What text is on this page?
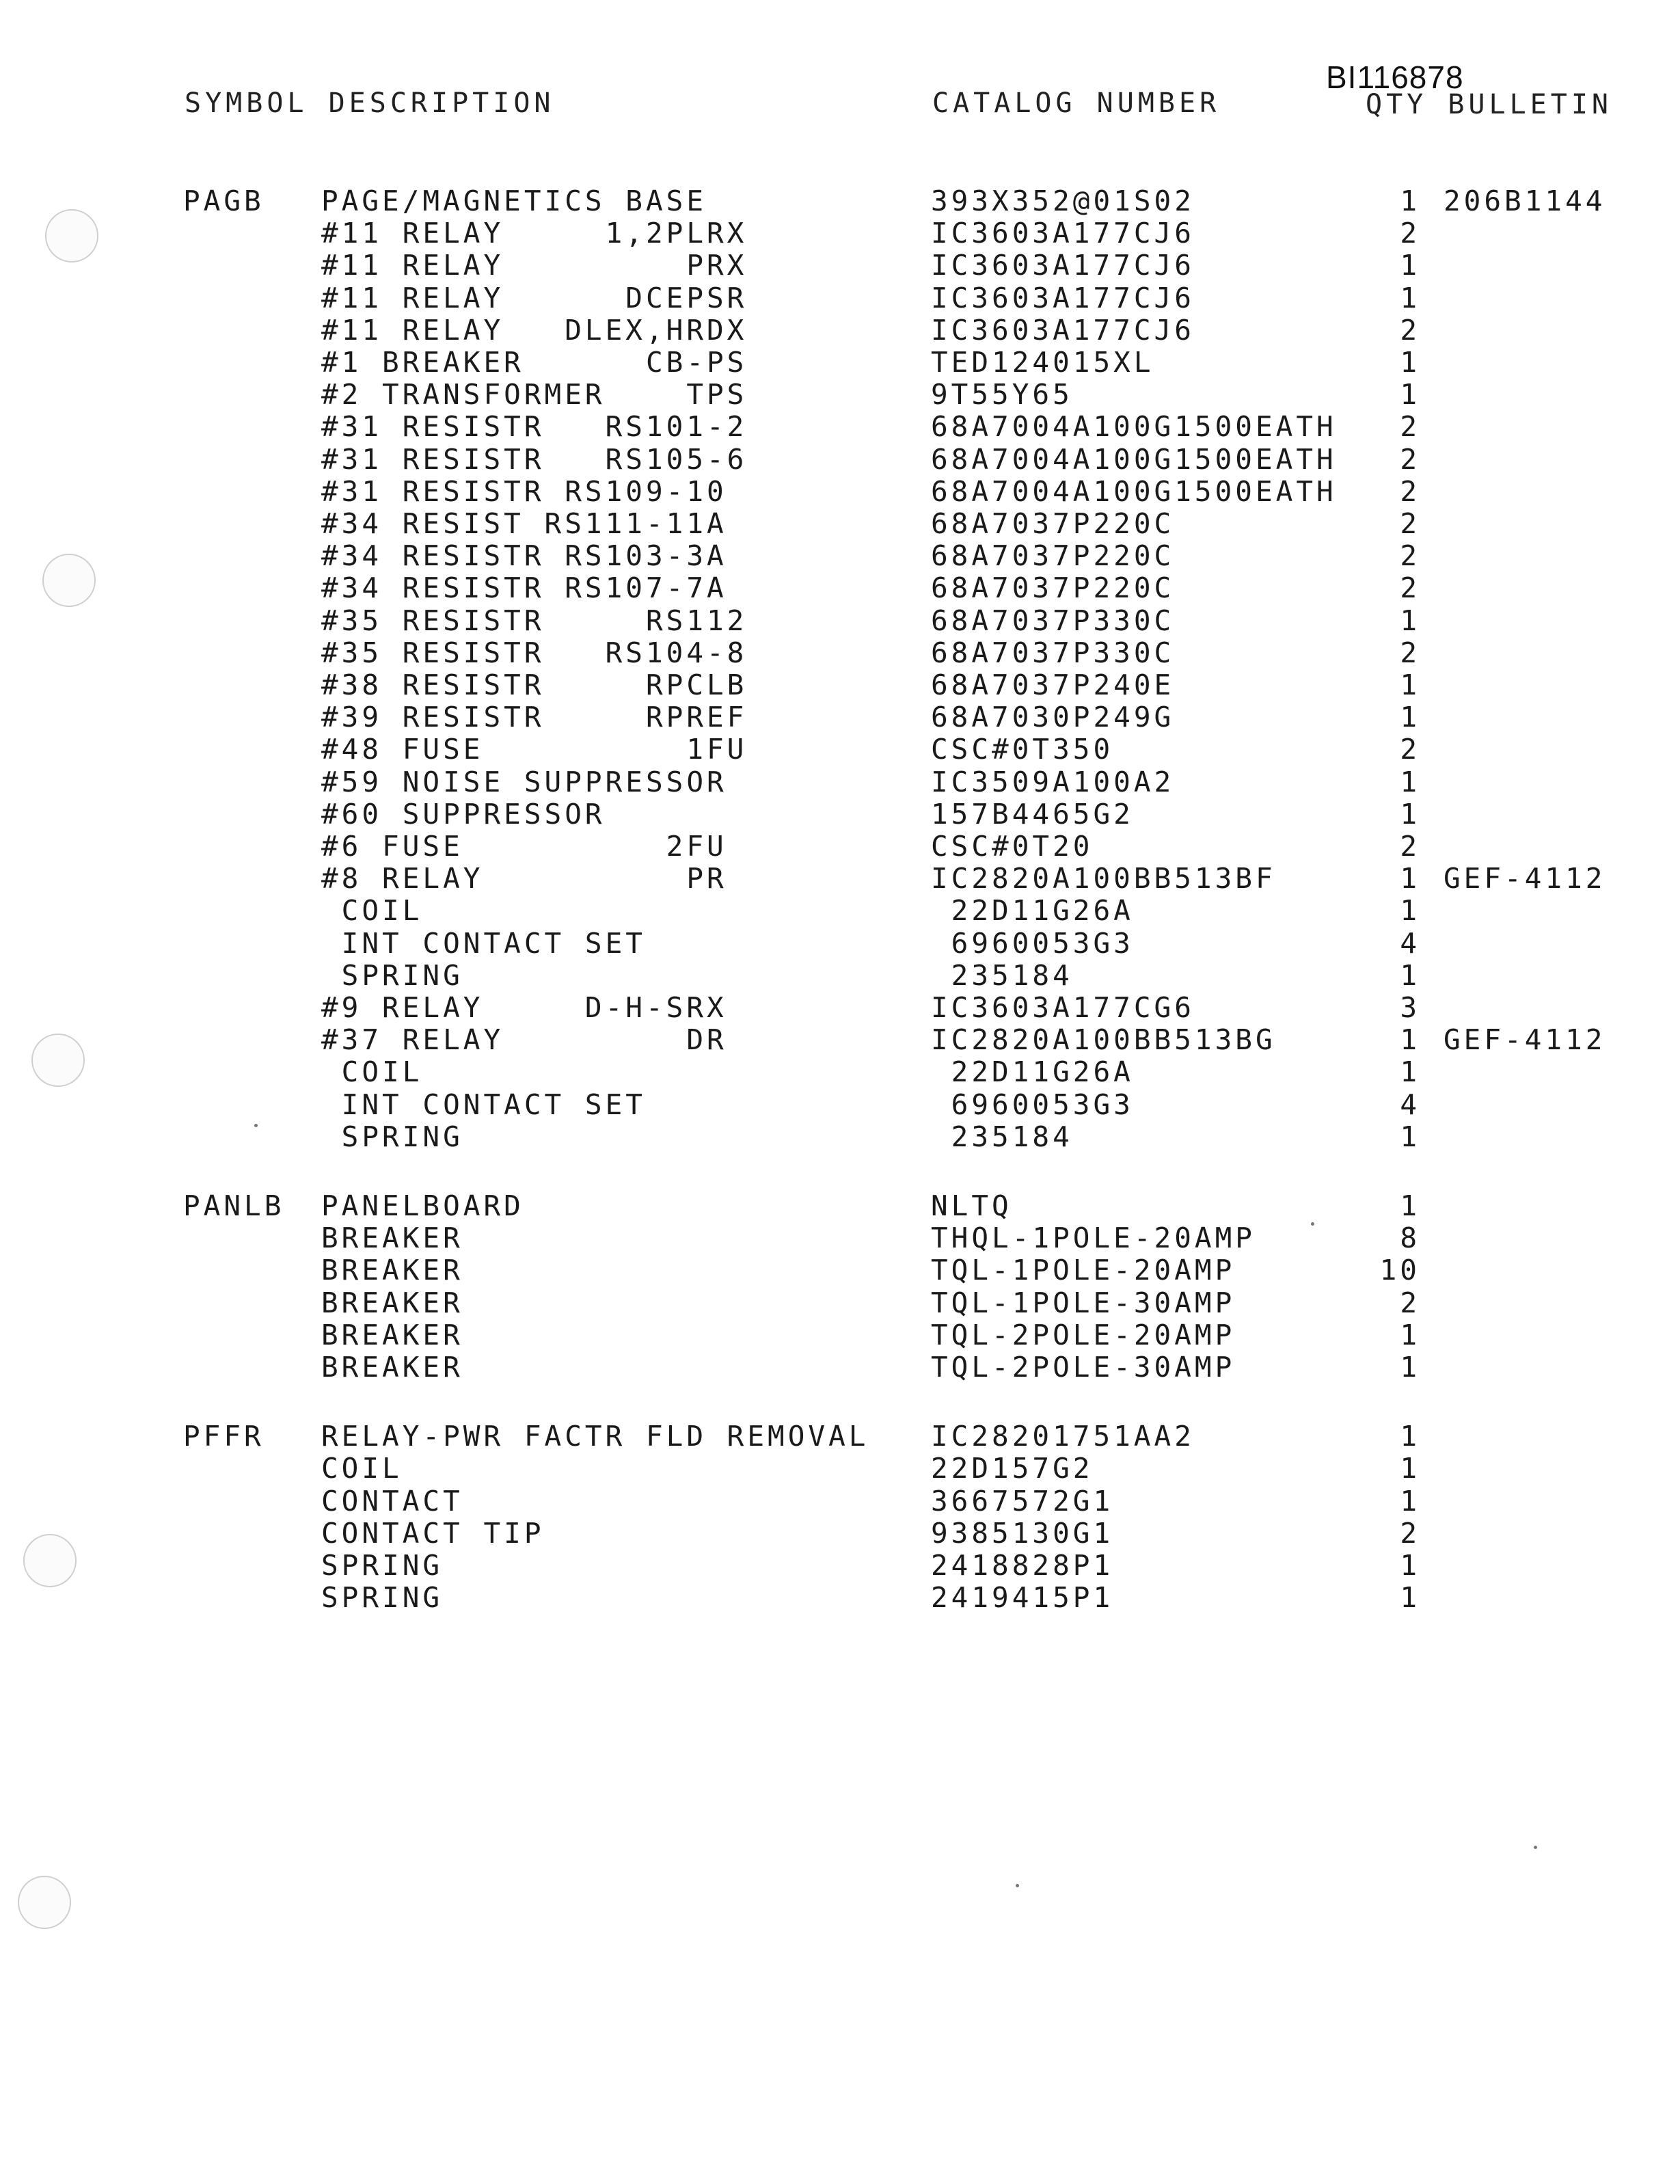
BI116878
SYMBOL DESCRIPTION	CATALOG NUMBER	QTY BULLETIN
PAGB PAGE/MAGNETICS BASE	393X352@01S02	1 206B1144
#11 RELAY     1,2PLRX	IC3603A177CJ6	2
#11 RELAY         PRX	IC3603A177CJ6	1
#11 RELAY      DCEPSR	IC3603A177CJ6	1
#11 RELAY   DLEX,HRDX	IC3603A177CJ6	2
#1 BREAKER      CB-PS	TED124015XL	1
#2 TRANSFORMER    TPS	9T55Y65	1
#31 RESISTR   RS101-2	68A7004A100G1500EATH 2
#31 RESISTR   RS105-6	68A7004A100G1500EATH 2
#31 RESISTR RS109-10	68A7004A100G1500EATH 2
#34 RESIST RS111-11A	68A7037P220C	2
#34 RESISTR RS103-3A	68A7037P220C	2
#34 RESISTR RS107-7A	68A7037P220C	2
#35 RESISTR     RS112	68A7037P330C	1
#35 RESISTR   RS104-8	68A7037P330C	2
#38 RESISTR     RPCLB	68A7037P240E	1
#39 RESISTR     RPREF	68A7030P249G	1
#48 FUSE          1FU	CSC#0T350	2
#59 NOISE SUPPRESSOR	IC3509A100A2	1
#60 SUPPRESSOR	157B4465G2	1
#6 FUSE          2FU	CSC#0T20	2
#8 RELAY          PR	IC2820A100BB513BF	1 GEF-4112
COIL	22D11G26A	1
INT CONTACT SET	6960053G3	4
SPRING	235184	1
#9 RELAY     D-H-SRX	IC3603A177CG6	3
#37 RELAY         DR	IC2820A100BB513BG	1 GEF-4112
COIL	22D11G26A	1
INT CONTACT SET	6960053G3	4
SPRING	235184	1
PANLB PANELBOARD	NLTQ	1
BREAKER	THQL-1POLE-20AMP	8
BREAKER	TQL-1POLE-20AMP	10
BREAKER	TQL-1POLE-30AMP	2
BREAKER	TQL-2POLE-20AMP	1
BREAKER	TQL-2POLE-30AMP	1
PFFR RELAY-PWR FACTR FLD REMOVAL IC28201751AA2	1
COIL	22D157G2	1
CONTACT	3667572G1	1
CONTACT TIP	9385130G1	2
SPRING	2418828P1	1
SPRING	2419415P1	1
